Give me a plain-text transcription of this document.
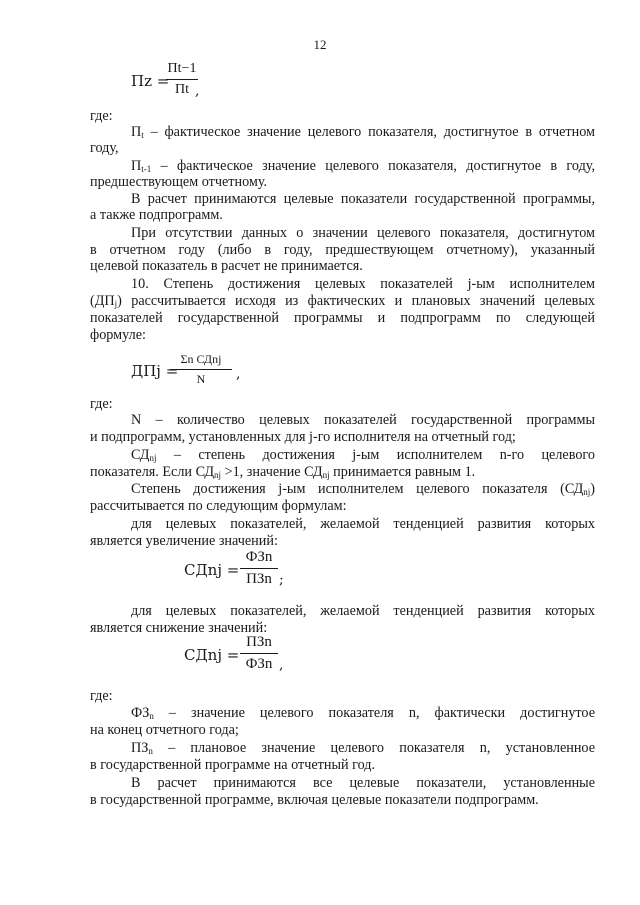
12
Пz =
Пt−1
Пt ,
где:
$П_t$ – фактическое значение целевого показателя, достигнутое в отчетном
году,
$П_{t-1}$ – фактическое значение целевого показателя, достигнутое в году,
предшествующем отчетному.
В расчет принимаются целевые показатели государственной программы,
а также подпрограмм.
При отсутствии данных о значении целевого показателя, достигнутом
в отчетном году (либо в году, предшествующем отчетному), указанный
целевой показатель в расчет не принимается.
10. Степень достижения целевых показателей j-ым исполнителем
$(ДП_j)$ рассчитывается исходя из фактических и плановых значений целевых
показателей государственной программы и подпрограмм по следующей
формуле:
ДПj =
Σn СДnj
N ,
где:
N – количество целевых показателей государственной программы
и подпрограмм, установленных для j-го исполнителя на отчетный год;
$СД_{nj}$ – степень достижения j-ым исполнителем n-го целевого
показателя. Если $СД_{nj} >1$, значение $СД_{nj}$ принимается равным 1.
Степень достижения j-ым исполнителем целевого показателя $(СД_{nj})$
рассчитывается по следующим формулам:
для целевых показателей, желаемой тенденцией развития которых
является увеличение значений:
СДnj =
ФЗn
ПЗn ;
для целевых показателей, желаемой тенденцией развития которых
является снижение значений:
СДnj =
ПЗn
ФЗn ,
где:
$ФЗ_n$ – значение целевого показателя n, фактически достигнутое
на конец отчетного года;
$ПЗ_n$ – плановое значение целевого показателя n, установленное
в государственной программе на отчетный год.
В расчет принимаются все целевые показатели, установленные
в государственной программе, включая целевые показатели подпрограмм.
